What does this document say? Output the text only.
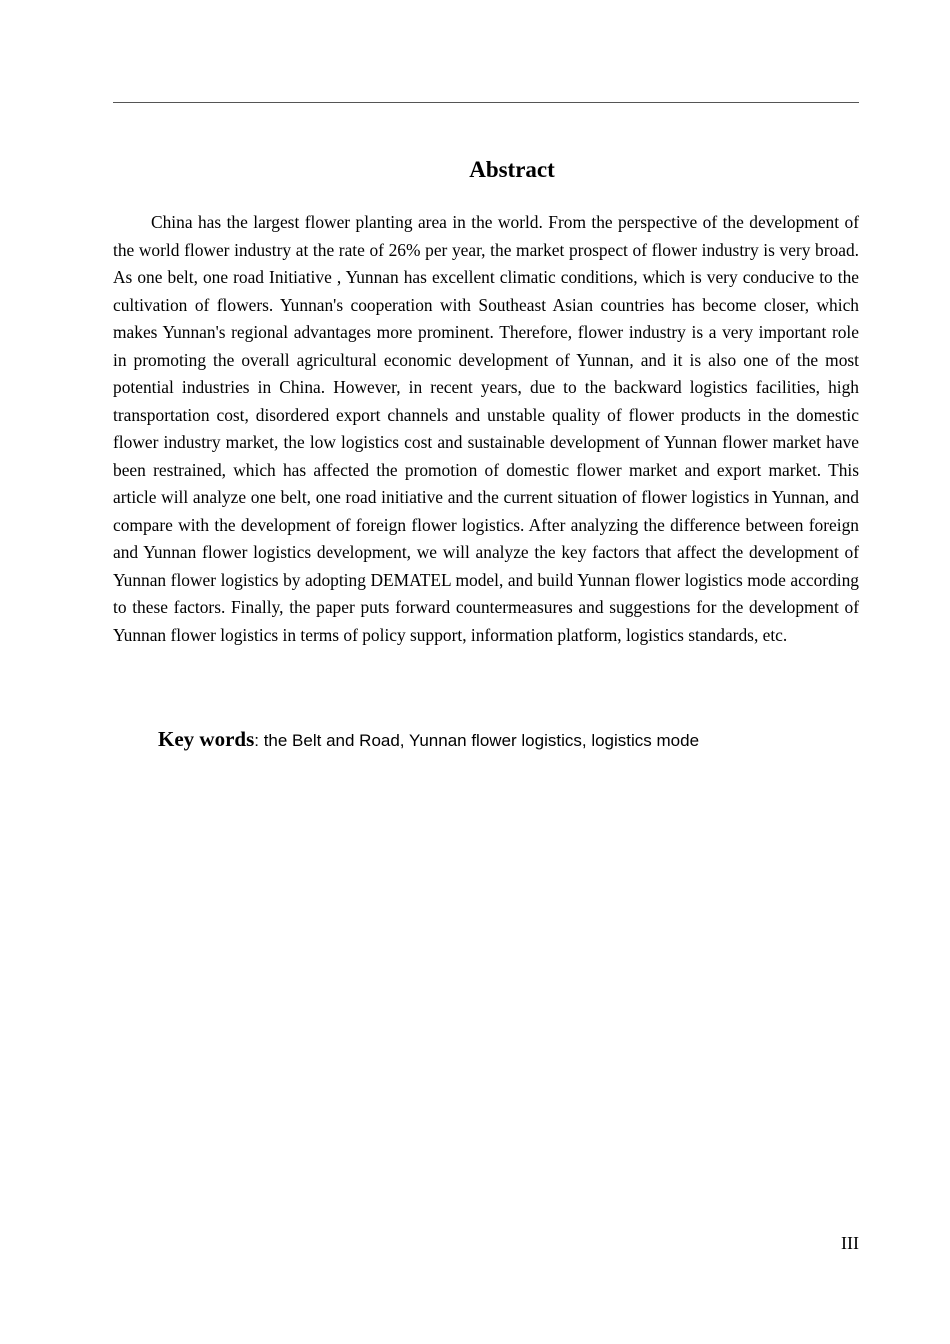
Abstract

China has the largest flower planting area in the world. From the perspective of the development of the world flower industry at the rate of 26% per year, the market prospect of flower industry is very broad. As one belt, one road Initiative , Yunnan has excellent climatic conditions, which is very conducive to the cultivation of flowers. Yunnan's cooperation with Southeast Asian countries has become closer, which makes Yunnan's regional advantages more prominent. Therefore, flower industry is a very important role in promoting the overall agricultural economic development of Yunnan, and it is also one of the most potential industries in China. However, in recent years, due to the backward logistics facilities, high transportation cost, disordered export channels and unstable quality of flower products in the domestic flower industry market, the low logistics cost and sustainable development of Yunnan flower market have been restrained, which has affected the promotion of domestic flower market and export market. This article will analyze one belt, one road initiative and the current situation of flower logistics in Yunnan, and compare with the development of foreign flower logistics. After analyzing the difference between foreign and Yunnan flower logistics development, we will analyze the key factors that affect the development of Yunnan flower logistics by adopting DEMATEL model, and build Yunnan flower logistics mode according to these factors. Finally, the paper puts forward countermeasures and suggestions for the development of Yunnan flower logistics in terms of policy support, information platform, logistics standards, etc.

Key words: the Belt and Road, Yunnan flower logistics, logistics mode

III
